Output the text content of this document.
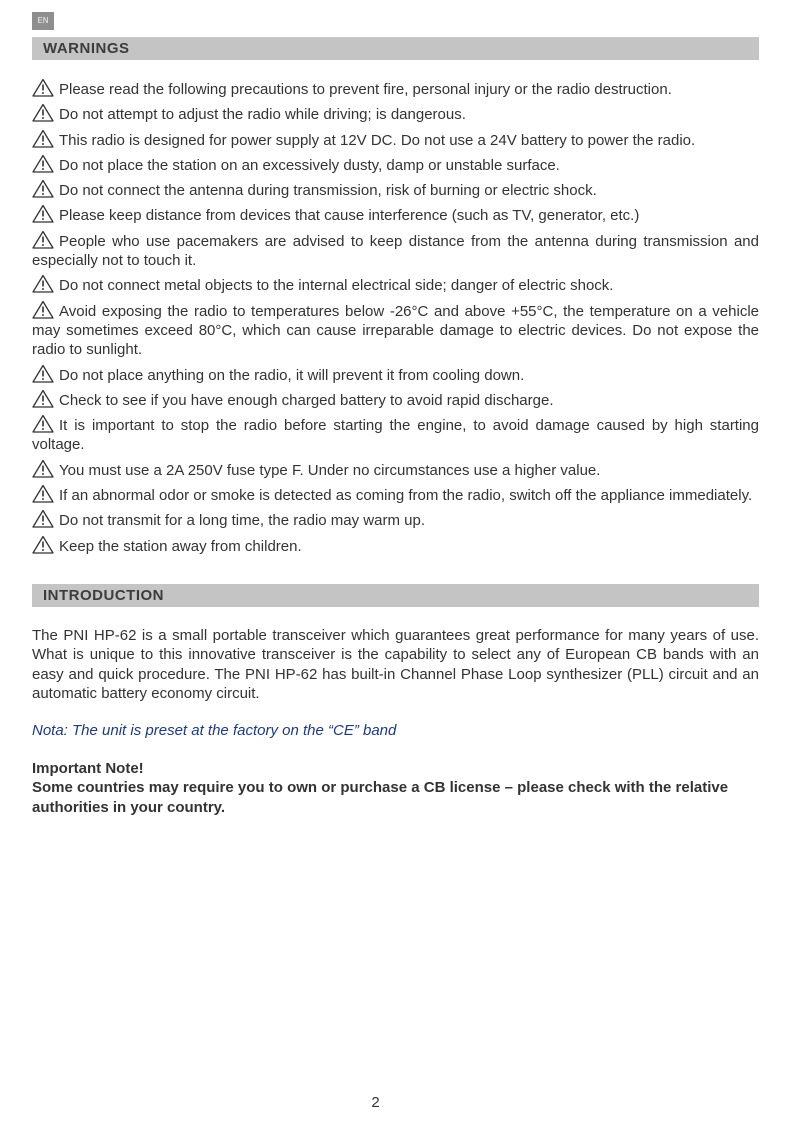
EN
WARNINGS
Please read the following precautions to prevent fire, personal injury or the radio destruction.
Do not attempt to adjust the radio while driving; is dangerous.
This radio is designed for power supply at 12V DC. Do not use a 24V battery to power the radio.
Do not place the station on an excessively dusty, damp or unstable surface.
Do not connect the antenna during transmission, risk of burning or electric shock.
Please keep distance from devices that cause interference (such as TV, generator, etc.)
People who use pacemakers are advised to keep distance from the antenna during transmission and especially not to touch it.
Do not connect metal objects to the internal electrical side; danger of electric shock.
Avoid exposing the radio to temperatures below -26°C and above +55°C, the temperature on a vehicle may sometimes exceed 80°C, which can cause irreparable damage to electric devices. Do not expose the radio to sunlight.
Do not place anything on the radio, it will prevent it from cooling down.
Check to see if you have enough charged battery to avoid rapid discharge.
It is important to stop the radio before starting the engine, to avoid damage caused by high starting voltage.
You must use a 2A 250V fuse type F. Under no circumstances use a higher value.
If an abnormal odor or smoke is detected as coming from the radio, switch off the appliance immediately.
Do not transmit for a long time, the radio may warm up.
Keep the station away from children.
INTRODUCTION

The PNI HP-62 is a small portable transceiver which guarantees great performance for many years of use. What is unique to this innovative transceiver is the capability to select any of European CB bands with an easy and quick procedure. The PNI HP-62 has built-in Channel Phase Loop synthesizer (PLL) circuit and an automatic battery economy circuit.

Nota: The unit is preset at the factory on the “CE” band
Important Note!
Some countries may require you to own or purchase a CB license – please check with the relative authorities in your country.
2
